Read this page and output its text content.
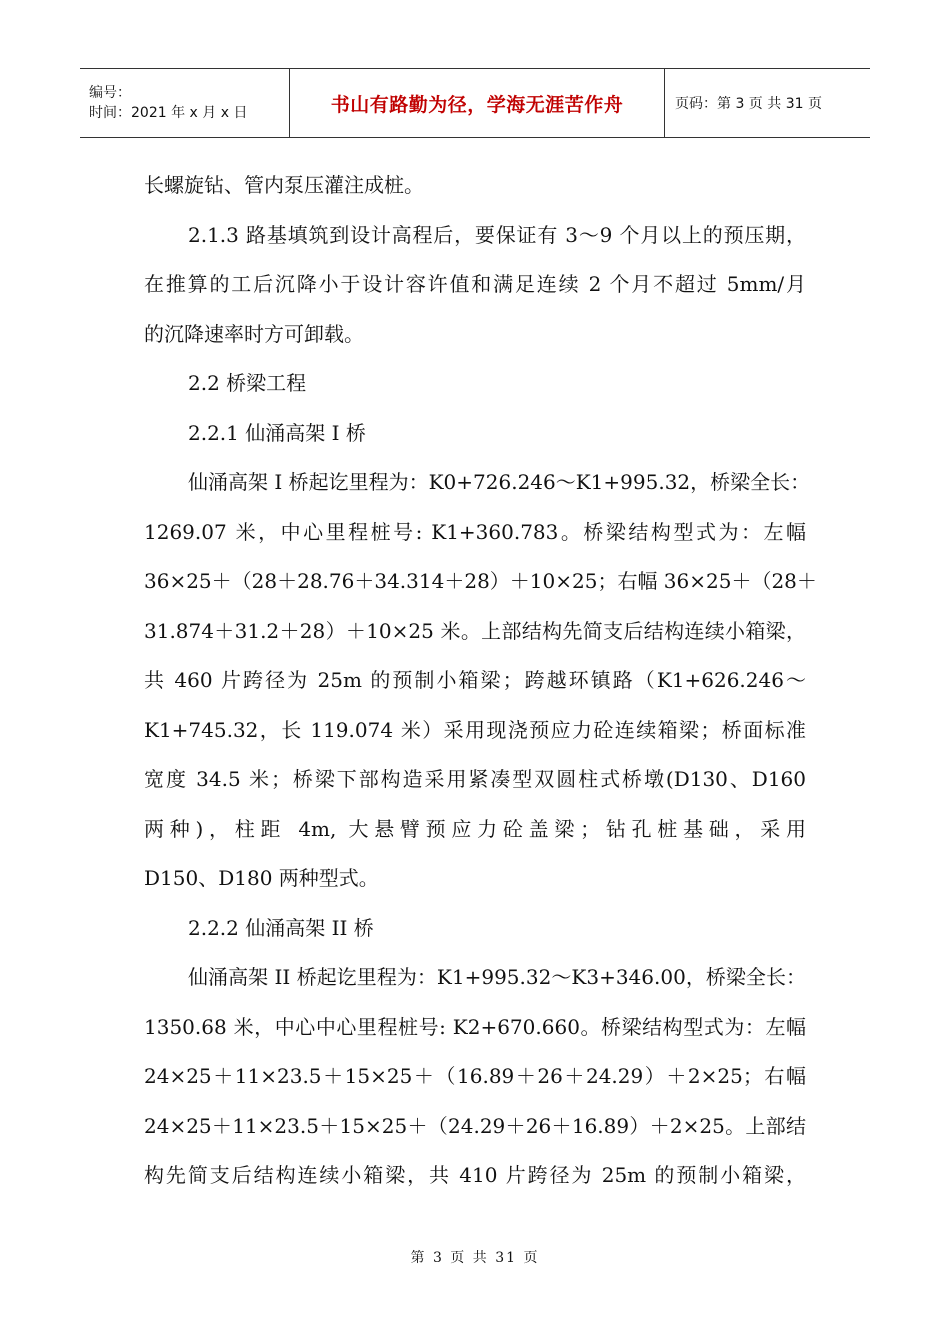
编号：
时间：2021 年 x 月 x 日	书山有路勤为径，学海无涯苦作舟	页码：第 3 页 共 31 页

长螺旋钻、管内泵压灌注成桩。

2.1.3 路基填筑到设计高程后，要保证有 3～9 个月以上的预压期，

在推算的工后沉降小于设计容许值和满足连续 2 个月不超过 5mm/月

的沉降速率时方可卸载。

2.2 桥梁工程

2.2.1 仙涌高架 I 桥

仙涌高架 I 桥起讫里程为：K0+726.246～K1+995.32，桥梁全长：

1269.07 米，中心里程桩号: K1+360.783。桥梁结构型式为：左幅

36×25＋（28＋28.76＋34.314＋28）＋10×25；右幅 36×25＋（28＋

31.874＋31.2＋28）＋10×25 米。上部结构先简支后结构连续小箱梁，

共 460 片跨径为 25m 的预制小箱梁；跨越环镇路（K1+626.246～

K1+745.32，长 119.074 米）采用现浇预应力砼连续箱梁；桥面标准

宽度 34.5 米；桥梁下部构造采用紧凑型双圆柱式桥墩(D130、D160

两种)，柱距 4m, 大悬臂预应力砼盖梁；钻孔桩基础，采用

D150、D180 两种型式。

2.2.2 仙涌高架 II 桥

仙涌高架 II 桥起讫里程为：K1+995.32～K3+346.00，桥梁全长：

1350.68 米，中心中心里程桩号: K2+670.660。桥梁结构型式为：左幅

24×25＋11×23.5＋15×25＋（16.89＋26＋24.29）＋2×25；右幅

24×25＋11×23.5＋15×25＋（24.29＋26＋16.89）＋2×25。上部结

构先简支后结构连续小箱梁，共 410 片跨径为 25m 的预制小箱梁，

第 3 页 共 31 页
